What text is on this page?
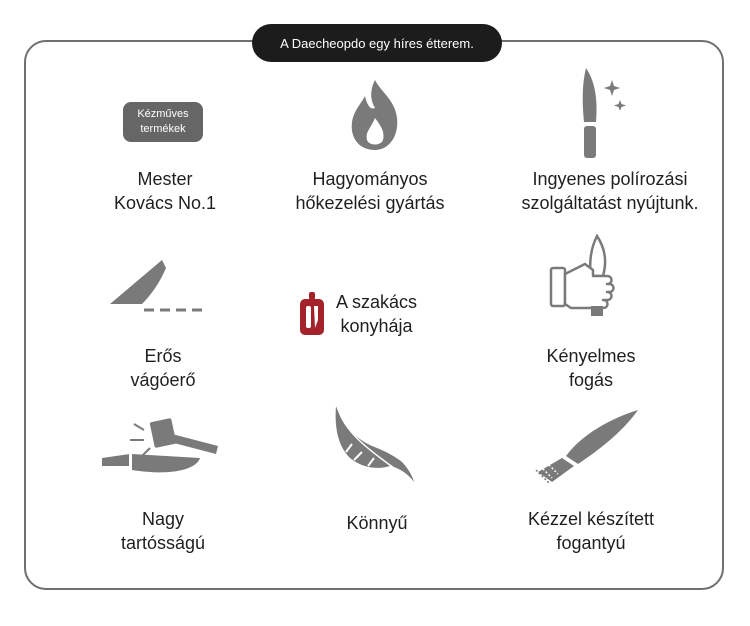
A Daecheopdo egy híres étterem.
Kézműves
termékek
Mester
Kovács No.1
Hagyományos
hőkezelési gyártás
Ingyenes polírozási
szolgáltatást nyújtunk.
Erős
vágóerő
A szakács
konyhája
Kényelmes
fogás
Nagy
tartósságú
Könnyű	Kézzel készített
fogantyú
